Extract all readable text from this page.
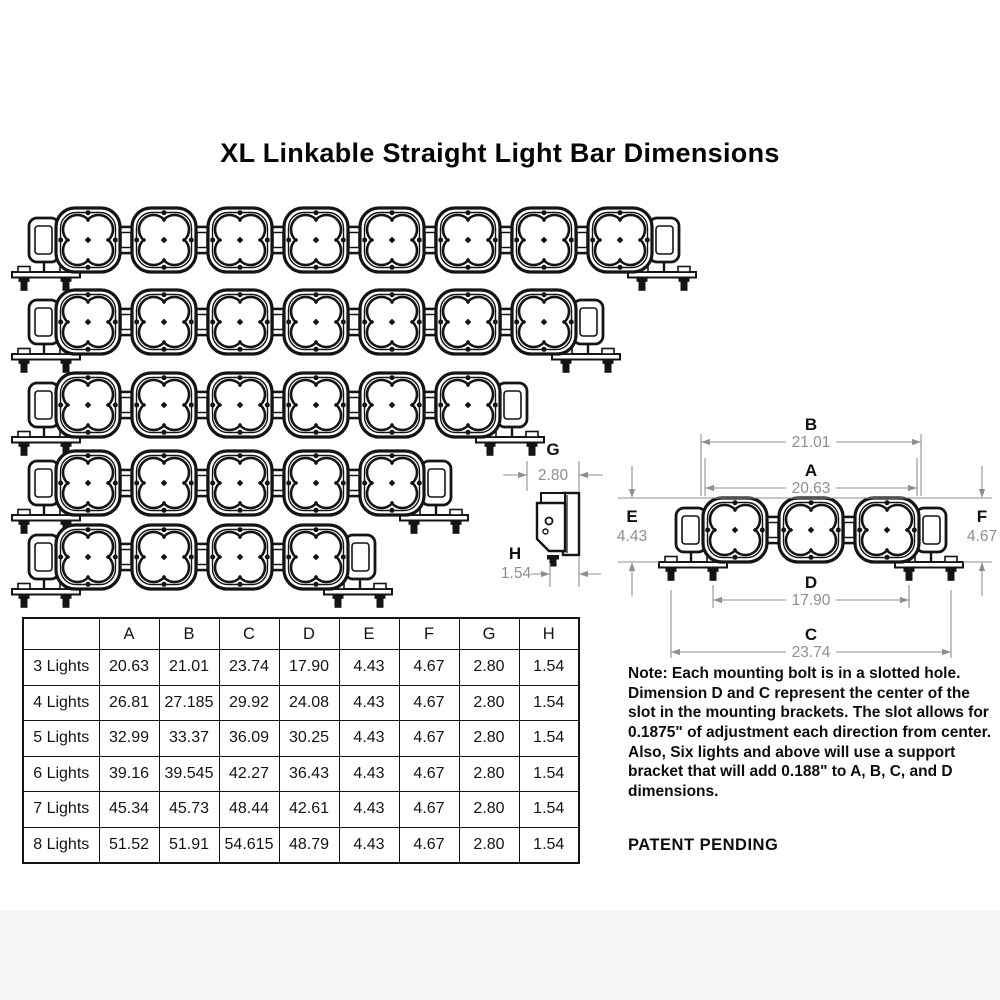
XL Linkable Straight Light Bar Dimensions
G
2.80
H
1.54
B
21.01
A
20.63
E
4.43
F
4.67
D
17.90
C
23.74
	A	B	C	D	E	F	G	H
3 Lights	20.63	21.01	23.74	17.90	4.43	4.67	2.80	1.54
4 Lights	26.81	27.185	29.92	24.08	4.43	4.67	2.80	1.54
5 Lights	32.99	33.37	36.09	30.25	4.43	4.67	2.80	1.54
6 Lights	39.16	39.545	42.27	36.43	4.43	4.67	2.80	1.54
7 Lights	45.34	45.73	48.44	42.61	4.43	4.67	2.80	1.54
8 Lights	51.52	51.91	54.615	48.79	4.43	4.67	2.80	1.54

Note: Each mounting bolt is in a slotted hole. Dimension D and C represent the center of the slot in the mounting brackets. The slot allows for 0.1875" of adjustment each direction from center. Also, Six lights and above will use a support bracket that will add 0.188" to A, B, C, and D dimensions.

PATENT PENDING
